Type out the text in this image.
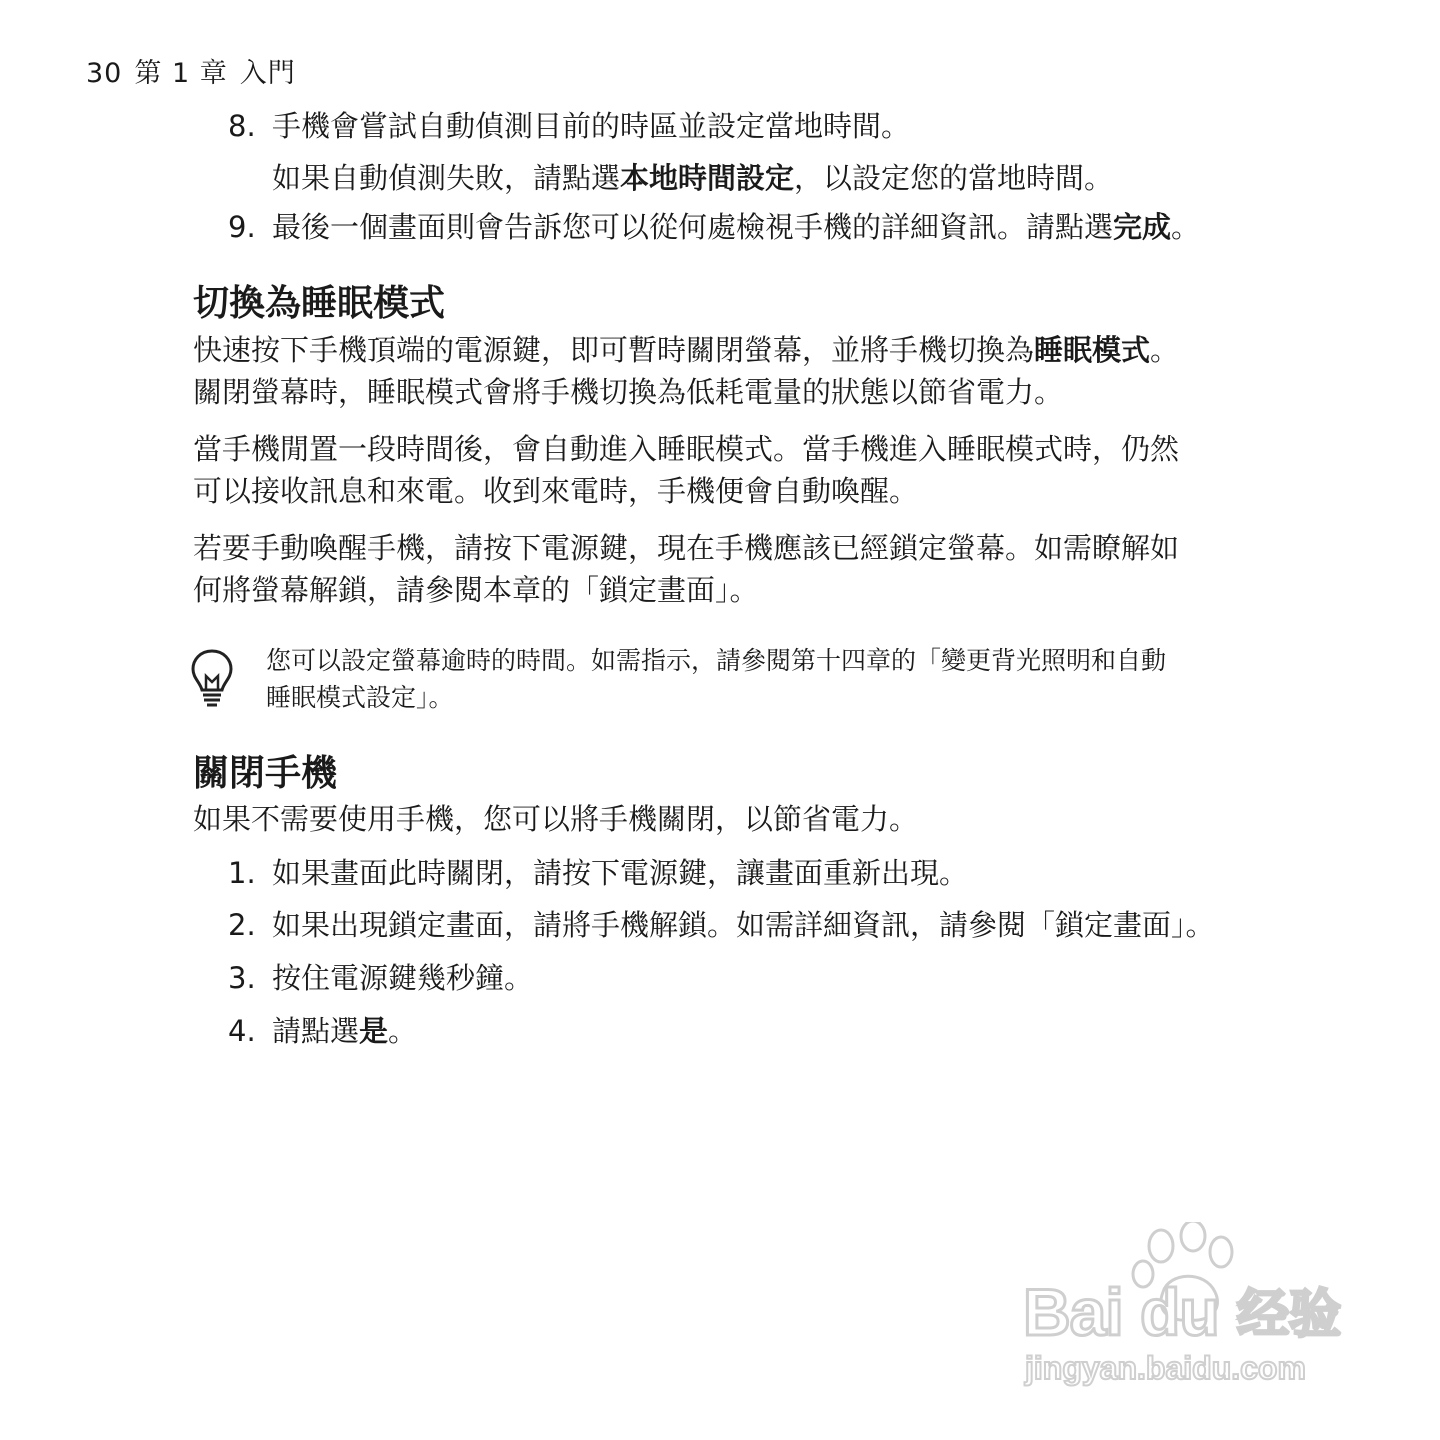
30 第 1 章 入門
8. 手機會嘗試自動偵測目前的時區並設定當地時間。
如果自動偵測失敗，請點選本地時間設定，以設定您的當地時間。
9. 最後一個畫面則會告訴您可以從何處檢視手機的詳細資訊。請點選完成。
切換為睡眠模式
快速按下手機頂端的電源鍵，即可暫時關閉螢幕，並將手機切換為睡眠模式。
關閉螢幕時，睡眠模式會將手機切換為低耗電量的狀態以節省電力。
當手機閒置一段時間後，會自動進入睡眠模式。當手機進入睡眠模式時，仍然
可以接收訊息和來電。收到來電時，手機便會自動喚醒。
若要手動喚醒手機，請按下電源鍵，現在手機應該已經鎖定螢幕。如需瞭解如
何將螢幕解鎖，請參閱本章的「鎖定畫面」。
您可以設定螢幕逾時的時間。如需指示，請參閱第十四章的「變更背光照明和自動
睡眠模式設定」。
關閉手機
如果不需要使用手機，您可以將手機關閉，以節省電力。
1. 如果畫面此時關閉，請按下電源鍵，讓畫面重新出現。
2. 如果出現鎖定畫面，請將手機解鎖。如需詳細資訊，請參閱「鎖定畫面」。
3. 按住電源鍵幾秒鐘。
4. 請點選是。
Bai du 经验
jingyan.baidu.com
